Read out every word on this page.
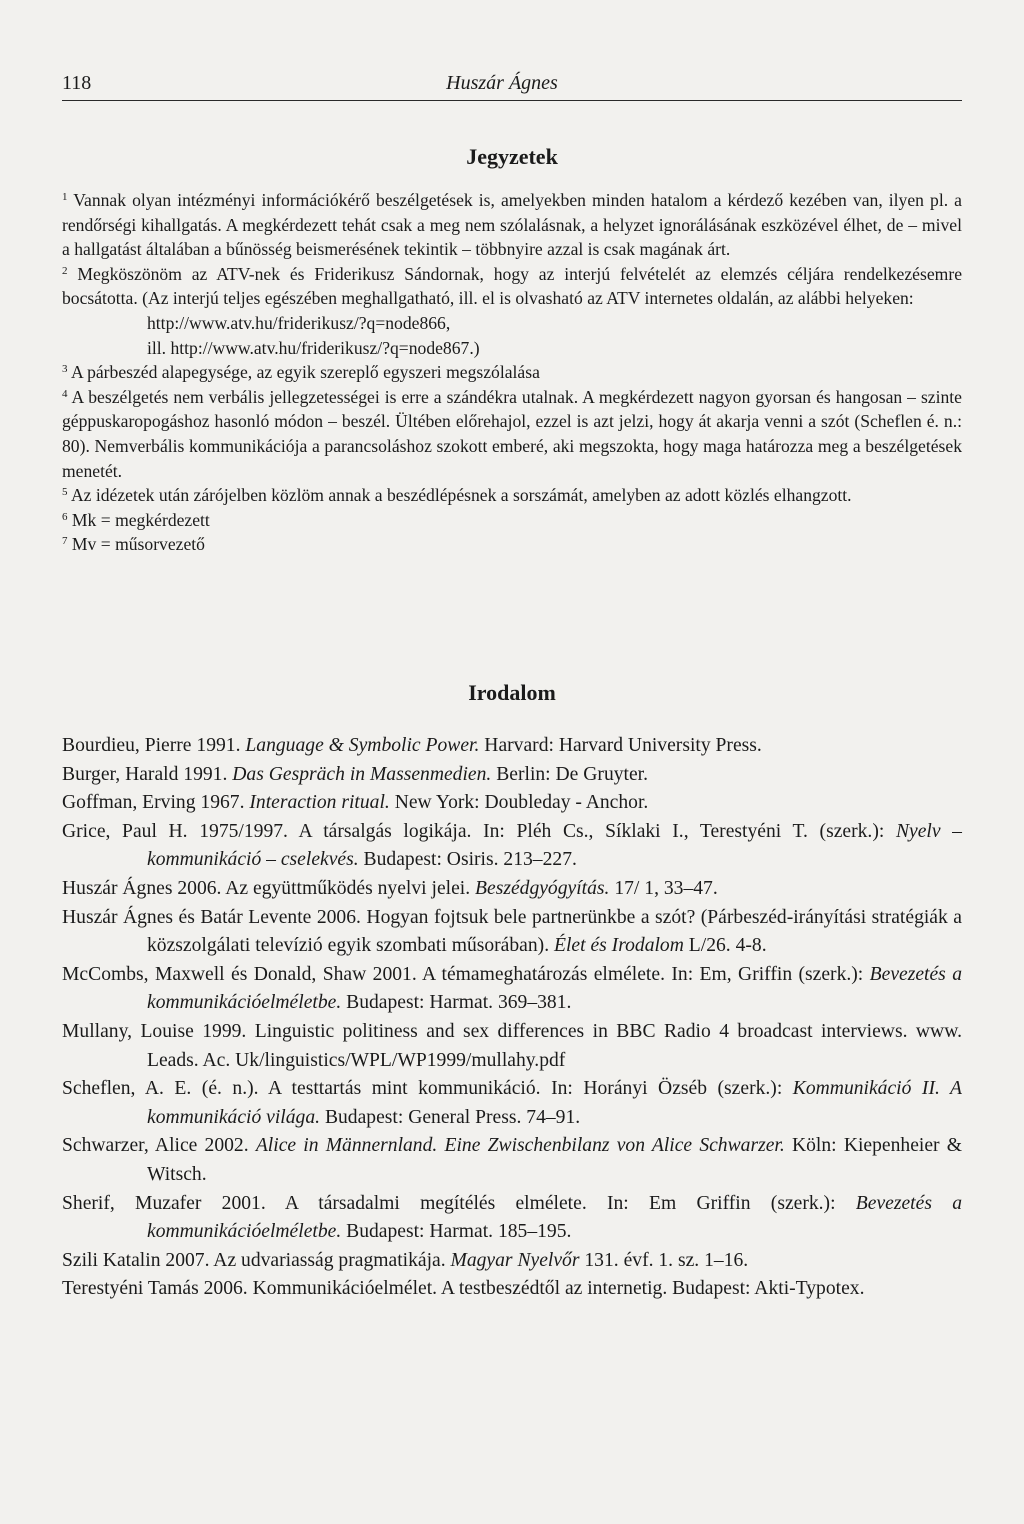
118	Huszár Ágnes
Jegyzetek

$^1$ Vannak olyan intézményi információkérő beszélgetések is, amelyekben minden hatalom a kérdező kezében van, ilyen pl. a rendőrségi kihallgatás. A megkérdezett tehát csak a meg nem szólalásnak, a helyzet ignorálásának eszközével élhet, de – mivel a hallgatást általában a bűnösség beismerésének tekintik – többnyire azzal is csak magának árt.

$^2$ Megköszönöm az ATV-nek és Friderikusz Sándornak, hogy az interjú felvételét az elemzés céljára rendelkezésemre bocsátotta. (Az interjú teljes egészében meghallgatható, ill. el is olvasható az ATV internetes oldalán, az alábbi helyeken:

http://www.atv.hu/friderikusz/?q=node866,

ill. http://www.atv.hu/friderikusz/?q=node867.)

$^3$ A párbeszéd alapegysége, az egyik szereplő egyszeri megszólalása

$^4$ A beszélgetés nem verbális jellegzetességei is erre a szándékra utalnak. A megkérdezett nagyon gyorsan és hangosan – szinte géppuskaropogáshoz hasonló módon – beszél. Ültében előrehajol, ezzel is azt jelzi, hogy át akarja venni a szót (Scheflen é. n.: 80). Nemverbális kommunikációja a parancsoláshoz szokott emberé, aki megszokta, hogy maga határozza meg a beszélgetések menetét.

$^5$ Az idézetek után zárójelben közlöm annak a beszédlépésnek a sorszámát, amelyben az adott közlés elhangzott.

$^6$ Mk = megkérdezett

$^7$ Mv = műsorvezető

Irodalom

Bourdieu, Pierre 1991. Language & Symbolic Power. Harvard: Harvard University Press.

Burger, Harald 1991. Das Gespräch in Massenmedien. Berlin: De Gruyter.

Goffman, Erving 1967. Interaction ritual. New York: Doubleday - Anchor.

Grice, Paul H. 1975/1997. A társalgás logikája. In: Pléh Cs., Síklaki I., Terestyéni T. (szerk.): Nyelv – kommunikáció – cselekvés. Budapest: Osiris. 213–227.

Huszár Ágnes 2006. Az együttműködés nyelvi jelei. Beszédgyógyítás. 17/ 1, 33–47.

Huszár Ágnes és Batár Levente 2006. Hogyan fojtsuk bele partnerünkbe a szót? (Párbeszéd-irányítási stratégiák a közszolgálati televízió egyik szombati műsorában). Élet és Irodalom L/26. 4-8.

McCombs, Maxwell és Donald, Shaw 2001. A témameghatározás elmélete. In: Em, Griffin (szerk.): Bevezetés a kommunikációelméletbe. Budapest: Harmat. 369–381.

Mullany, Louise 1999. Linguistic politiness and sex differences in BBC Radio 4 broadcast interviews. www. Leads. Ac. Uk/linguistics/WPL/WP1999/mullahy.pdf

Scheflen, A. E. (é. n.). A testtartás mint kommunikáció. In: Horányi Özséb (szerk.): Kommunikáció II. A kommunikáció világa. Budapest: General Press. 74–91.

Schwarzer, Alice 2002. Alice in Männernland. Eine Zwischenbilanz von Alice Schwarzer. Köln: Kiepenheier & Witsch.

Sherif, Muzafer 2001. A társadalmi megítélés elmélete. In: Em Griffin (szerk.): Bevezetés a kommunikációelméletbe. Budapest: Harmat. 185–195.

Szili Katalin 2007. Az udvariasság pragmatikája. Magyar Nyelvőr 131. évf. 1. sz. 1–16.

Terestyéni Tamás 2006. Kommunikációelmélet. A testbeszédtől az internetig. Budapest: Akti-Typotex.
